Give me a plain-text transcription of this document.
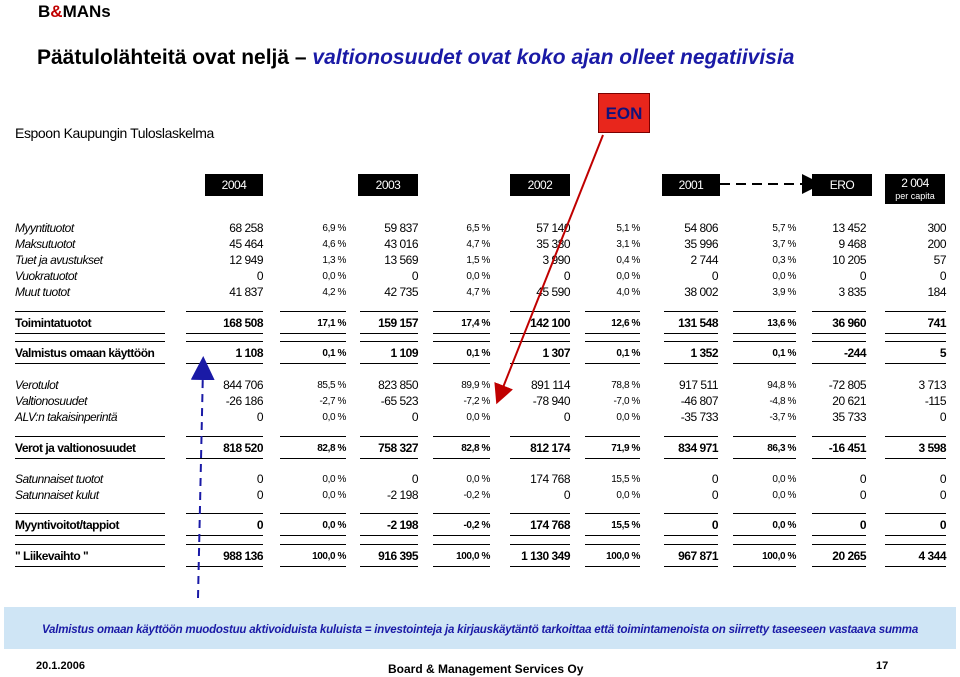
B&MANs
Päätulolähteitä ovat neljä – valtionosuudet ovat koko ajan olleet negatiivisia
Espoon Kaupungin Tuloslaskelma
EON
2004	2003	2002	2001	ERO	2 004
per capita
Myyntituotot	68 258	6,9 %	59 837	6,5 %	57 140	5,1 %	54 806	5,7 %	13 452	300
Maksutuotot	45 464	4,6 %	43 016	4,7 %	35 380	3,1 %	35 996	3,7 %	9 468	200
Tuet ja avustukset	12 949	1,3 %	13 569	1,5 %	3 990	0,4 %	2 744	0,3 %	10 205	57
Vuokratuotot	0	0,0 %	0	0,0 %	0	0,0 %	0	0,0 %	0	0
Muut tuotot	41 837	4,2 %	42 735	4,7 %	45 590	4,0 %	38 002	3,9 %	3 835	184
Toimintatuotot	168 508	17,1 %	159 157	17,4 %	142 100	12,6 %	131 548	13,6 %	36 960	741
Valmistus omaan käyttöön	1 108	0,1 %	1 109	0,1 %	1 307	0,1 %	1 352	0,1 %	-244	5
Verotulot	844 706	85,5 %	823 850	89,9 %	891 114	78,8 %	917 511	94,8 %	-72 805	3 713
Valtionosuudet	-26 186	-2,7 %	-65 523	-7,2 %	-78 940	-7,0 %	-46 807	-4,8 %	20 621	-115
ALV:n takaisinperintä	0	0,0 %	0	0,0 %	0	0,0 %	-35 733	-3,7 %	35 733	0
Verot ja valtionosuudet	818 520	82,8 %	758 327	82,8 %	812 174	71,9 %	834 971	86,3 %	-16 451	3 598
Satunnaiset tuotot	0	0,0 %	0	0,0 %	174 768	15,5 %	0	0,0 %	0	0
Satunnaiset kulut	0	0,0 %	-2 198	-0,2 %	0	0,0 %	0	0,0 %	0	0
Myyntivoitot/tappiot	0	0,0 %	-2 198	-0,2 %	174 768	15,5 %	0	0,0 %	0	0
" Liikevaihto "	988 136	100,0 %	916 395	100,0 %	1 130 349	100,0 %	967 871	100,0 %	20 265	4 344
Valmistus omaan käyttöön muodostuu aktivoiduista kuluista = investointeja ja kirjauskäytäntö tarkoittaa että toimintamenoista on siirretty taseeseen vastaava summa
20.1.2006	Board & Management Services Oy	17
